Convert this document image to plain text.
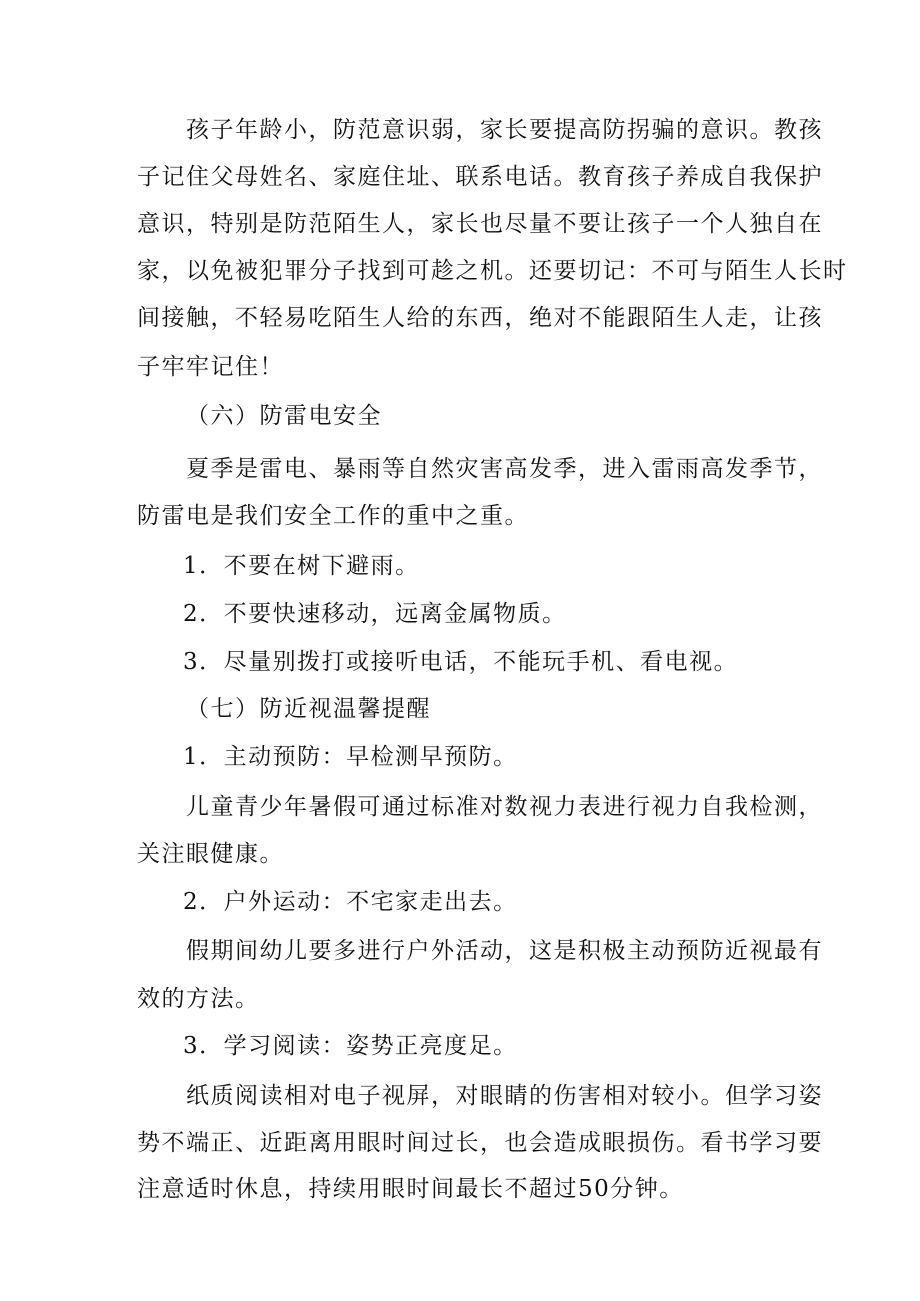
孩子年龄小，防范意识弱，家长要提高防拐骗的意识。教孩
子记住父母姓名、家庭住址、联系电话。教育孩子养成自我保护
意识，特别是防范陌生人，家长也尽量不要让孩子一个人独自在
家，以免被犯罪分子找到可趁之机。还要切记：不可与陌生人长时
间接触，不轻易吃陌生人给的东西，绝对不能跟陌生人走，让孩
子牢牢记住！
（六）防雷电安全
夏季是雷电、暴雨等自然灾害高发季，进入雷雨高发季节，
防雷电是我们安全工作的重中之重。
1．不要在树下避雨。
2．不要快速移动，远离金属物质。
3．尽量别拨打或接听电话，不能玩手机、看电视。
（七）防近视温馨提醒
1．主动预防：早检测早预防。
儿童青少年暑假可通过标准对数视力表进行视力自我检测，
关注眼健康。
2．户外运动：不宅家走出去。
假期间幼儿要多进行户外活动，这是积极主动预防近视最有
效的方法。
3．学习阅读：姿势正亮度足。
纸质阅读相对电子视屏，对眼睛的伤害相对较小。但学习姿
势不端正、近距离用眼时间过长，也会造成眼损伤。看书学习要
注意适时休息，持续用眼时间最长不超过50分钟。
